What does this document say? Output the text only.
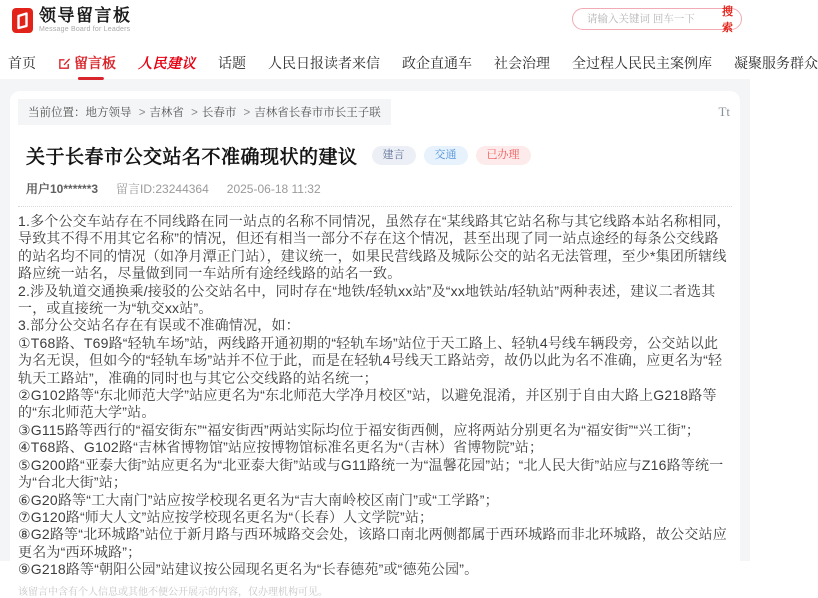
领导留言板
Message Board for Leaders
请输入关键词 回车一下
搜索
首页	留言板 人民建议 话题 人民日报读者来信 政企直通车 社会治理 全过程人民民主案例库 凝聚服务群众
当前位置：地方领导 > 吉林省 > 长春市 > 吉林省长春市市长王子联	Tt
关于长春市公交站名不准确现状的建议	建言	交通	已办理
用户10******3 留言ID:23244364 2025-06-18 11:32

1.多个公交车站存在不同线路在同一站点的名称不同情况，虽然存在“某线路其它站名称与其它线路本站名称相同，导致其不得不用其它名称”的情况，但还有相当一部分不存在这个情况，甚至出现了同一站点途经的每条公交线路的站名均不同的情况（如净月潭正门站），建议统一，如果民营线路及城际公交的站名无法管理，至少*集团所辖线路应统一站名，尽量做到同一车站所有途经线路的站名一致。

2.涉及轨道交通换乘/接驳的公交站名中，同时存在“地铁/轻轨xx站”及“xx地铁站/轻轨站”两种表述，建议二者选其一，或直接统一为“轨交xx站”。

3.部分公交站名存在有误或不准确情况，如：

①T68路、T69路“轻轨车场”站，两线路开通初期的“轻轨车场”站位于天工路上、轻轨4号线车辆段旁，公交站以此为名无误，但如今的“轻轨车场”站并不位于此，而是在轻轨4号线天工路站旁，故仍以此为名不准确，应更名为“轻轨天工路站”，准确的同时也与其它公交线路的站名统一；

②G102路等“东北师范大学”站应更名为“东北师范大学净月校区”站，以避免混淆，并区别于自由大路上G218路等的“东北师范大学”站。

③G115路等西行的“福安街东”“福安街西”两站实际均位于福安街西侧，应将两站分别更名为“福安街”“兴工街”；

④T68路、G102路“吉林省博物馆”站应按博物馆标准名更名为“（吉林）省博物院”站；

⑤G200路“亚泰大街”站应更名为“北亚泰大街”站或与G11路统一为“温馨花园”站；“北人民大街”站应与Z16路等统一为“台北大街”站；

⑥G20路等“工大南门”站应按学校现名更名为“吉大南岭校区南门”或“工学路”；

⑦G120路“师大人文”站应按学校现名更名为“（长春）人文学院”站；

⑧G2路等“北环城路”站位于新月路与西环城路交会处，该路口南北两侧都属于西环城路而非北环城路，故公交站应更名为“西环城路”；

⑨G218路等“朝阳公园”站建议按公园现名更名为“长春德苑”或“德苑公园”。

该留言中含有个人信息或其他不便公开展示的内容，仅办理机构可见。
